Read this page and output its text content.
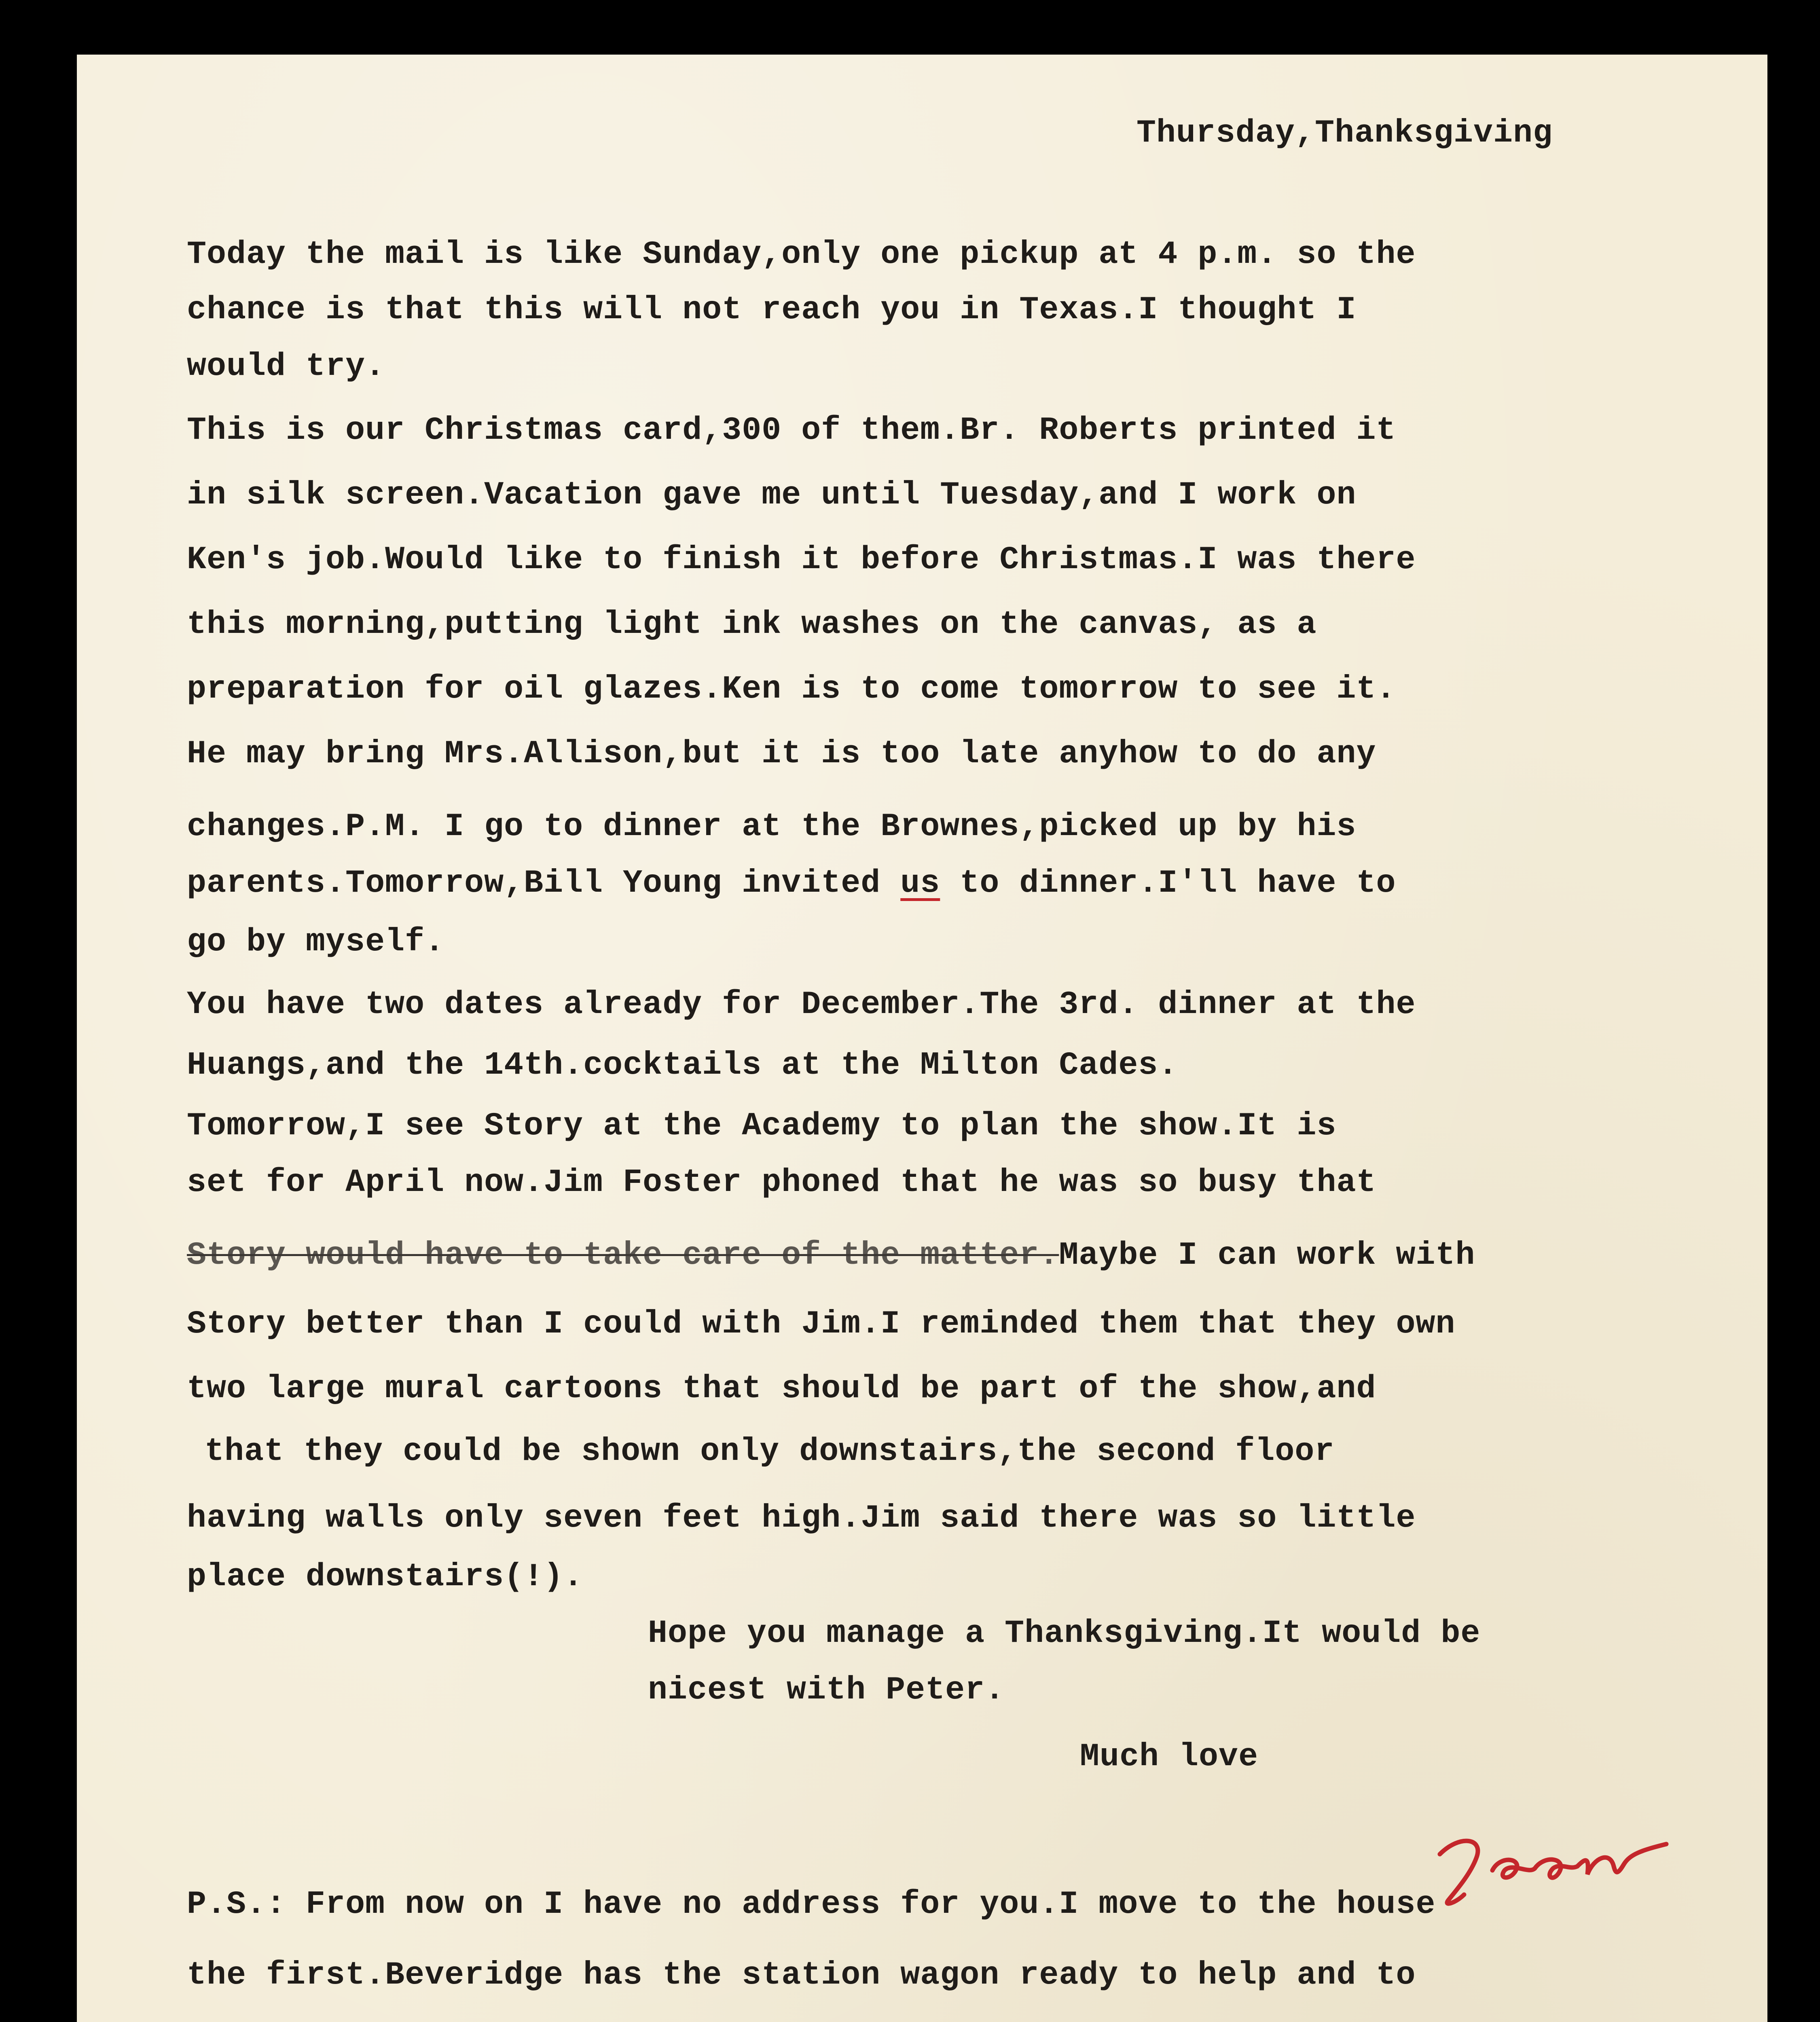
Thursday,Thanksgiving

Today the mail is like Sunday,only one pickup at 4 p.m. so the

chance is that this will not reach you in Texas.I thought I

would try.

This is our Christmas card,300 of them.Br. Roberts printed it

in silk screen.Vacation gave me until Tuesday,and I work on

Ken's job.Would like to finish it before Christmas.I was there

this morning,putting light ink washes on the canvas, as a

preparation for oil glazes.Ken is to come tomorrow to see it.

He may bring Mrs.Allison,but it is too late anyhow to do any

changes.P.M. I go to dinner at the Brownes,picked up by his

parents.Tomorrow,Bill Young invited us to dinner.I'll have to

go by myself.

You have two dates already for December.The 3rd. dinner at the

Huangs,and the 14th.cocktails at the Milton Cades.

Tomorrow,I see Story at the Academy to plan the show.It is

set for April now.Jim Foster phoned that he was so busy that

Story would have to take care of the matter.Maybe I can work with

Story better than I could with Jim.I reminded them that they own

two large mural cartoons that should be part of the show,and

that they could be shown only downstairs,the second floor

having walls only seven feet high.Jim said there was so little

place downstairs(!).

Hope you manage a Thanksgiving.It would be

nicest with Peter.

Much love

P.S.: From now on I have no address for you.I move to the house

the first.Beveridge has the station wagon ready to help and to
